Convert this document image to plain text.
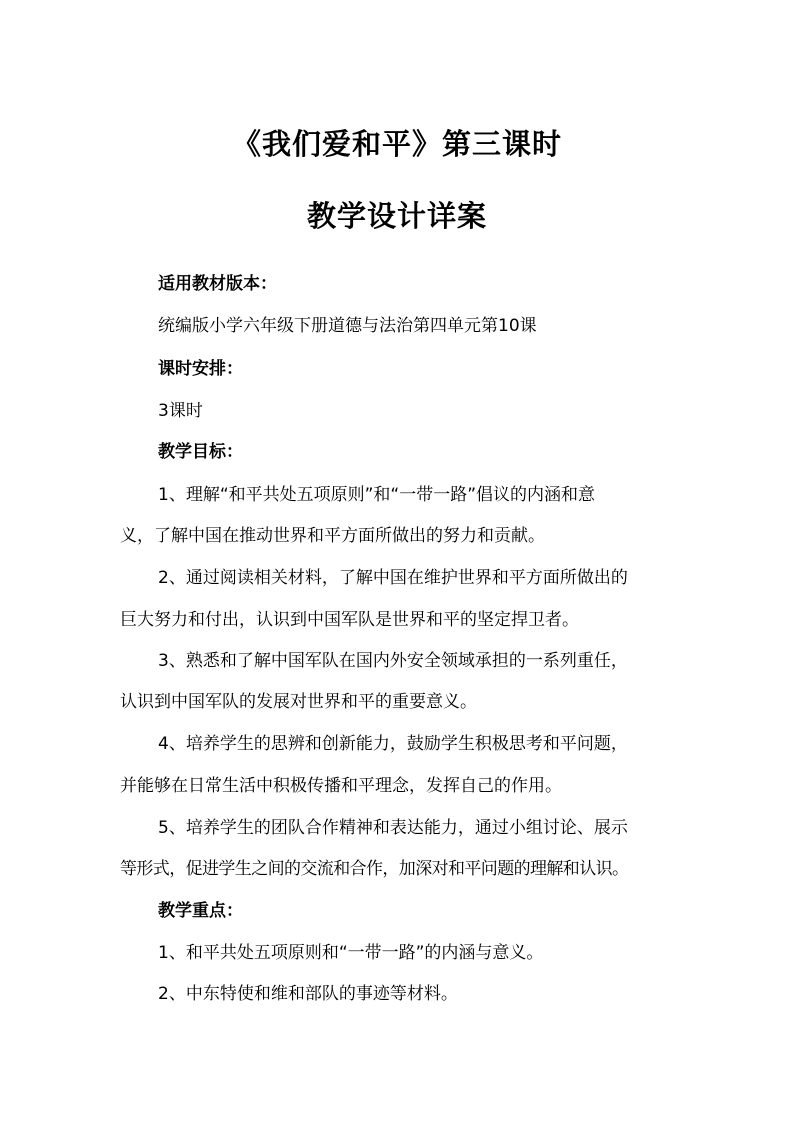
《我们爱和平》第三课时
教学设计详案
适用教材版本：
统编版小学六年级下册道德与法治第四单元第10课
课时安排：
3课时
教学目标：
1、理解“和平共处五项原则”和“一带一路”倡议的内涵和意
义，了解中国在推动世界和平方面所做出的努力和贡献。
2、通过阅读相关材料，了解中国在维护世界和平方面所做出的
巨大努力和付出，认识到中国军队是世界和平的坚定捍卫者。
3、熟悉和了解中国军队在国内外安全领域承担的一系列重任，
认识到中国军队的发展对世界和平的重要意义。
4、培养学生的思辨和创新能力，鼓励学生积极思考和平问题，
并能够在日常生活中积极传播和平理念，发挥自己的作用。
5、培养学生的团队合作精神和表达能力，通过小组讨论、展示
等形式，促进学生之间的交流和合作，加深对和平问题的理解和认识。
教学重点：
1、和平共处五项原则和“一带一路”的内涵与意义。
2、中东特使和维和部队的事迹等材料。
